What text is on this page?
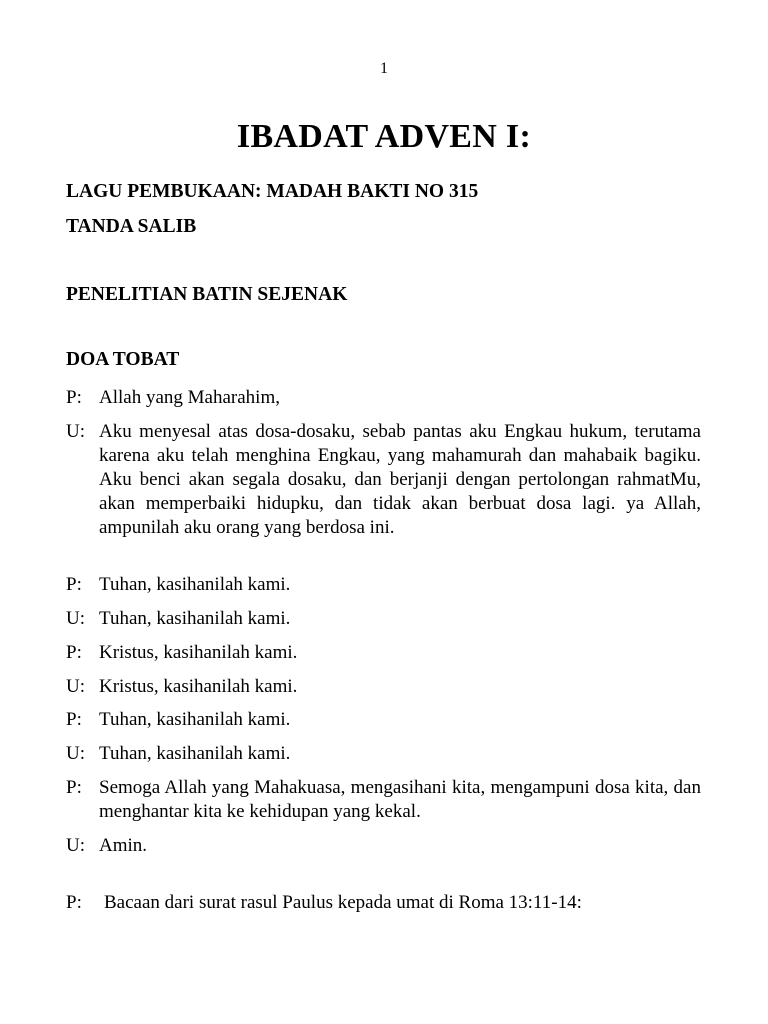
1
IBADAT ADVEN I:
LAGU PEMBUKAAN: MADAH BAKTI NO 315
TANDA SALIB
PENELITIAN BATIN SEJENAK
DOA TOBAT
P: Allah yang Maharahim,
U: Aku menyesal atas dosa-dosaku, sebab pantas aku Engkau hukum, terutama karena aku telah menghina Engkau, yang mahamurah dan mahabaik bagiku. Aku benci akan segala dosaku, dan berjanji dengan pertolongan rahmatMu, akan memperbaiki hidupku, dan tidak akan berbuat dosa lagi. ya Allah, ampunilah aku orang yang berdosa ini.
P: Tuhan, kasihanilah kami.
U: Tuhan, kasihanilah kami.
P: Kristus, kasihanilah kami.
U: Kristus, kasihanilah kami.
P: Tuhan, kasihanilah kami.
U: Tuhan, kasihanilah kami.
P: Semoga Allah yang Mahakuasa, mengasihani kita, mengampuni dosa kita, dan menghantar kita ke kehidupan yang kekal.
U: Amin.
P: Bacaan dari surat rasul Paulus kepada umat di Roma 13:11-14:
